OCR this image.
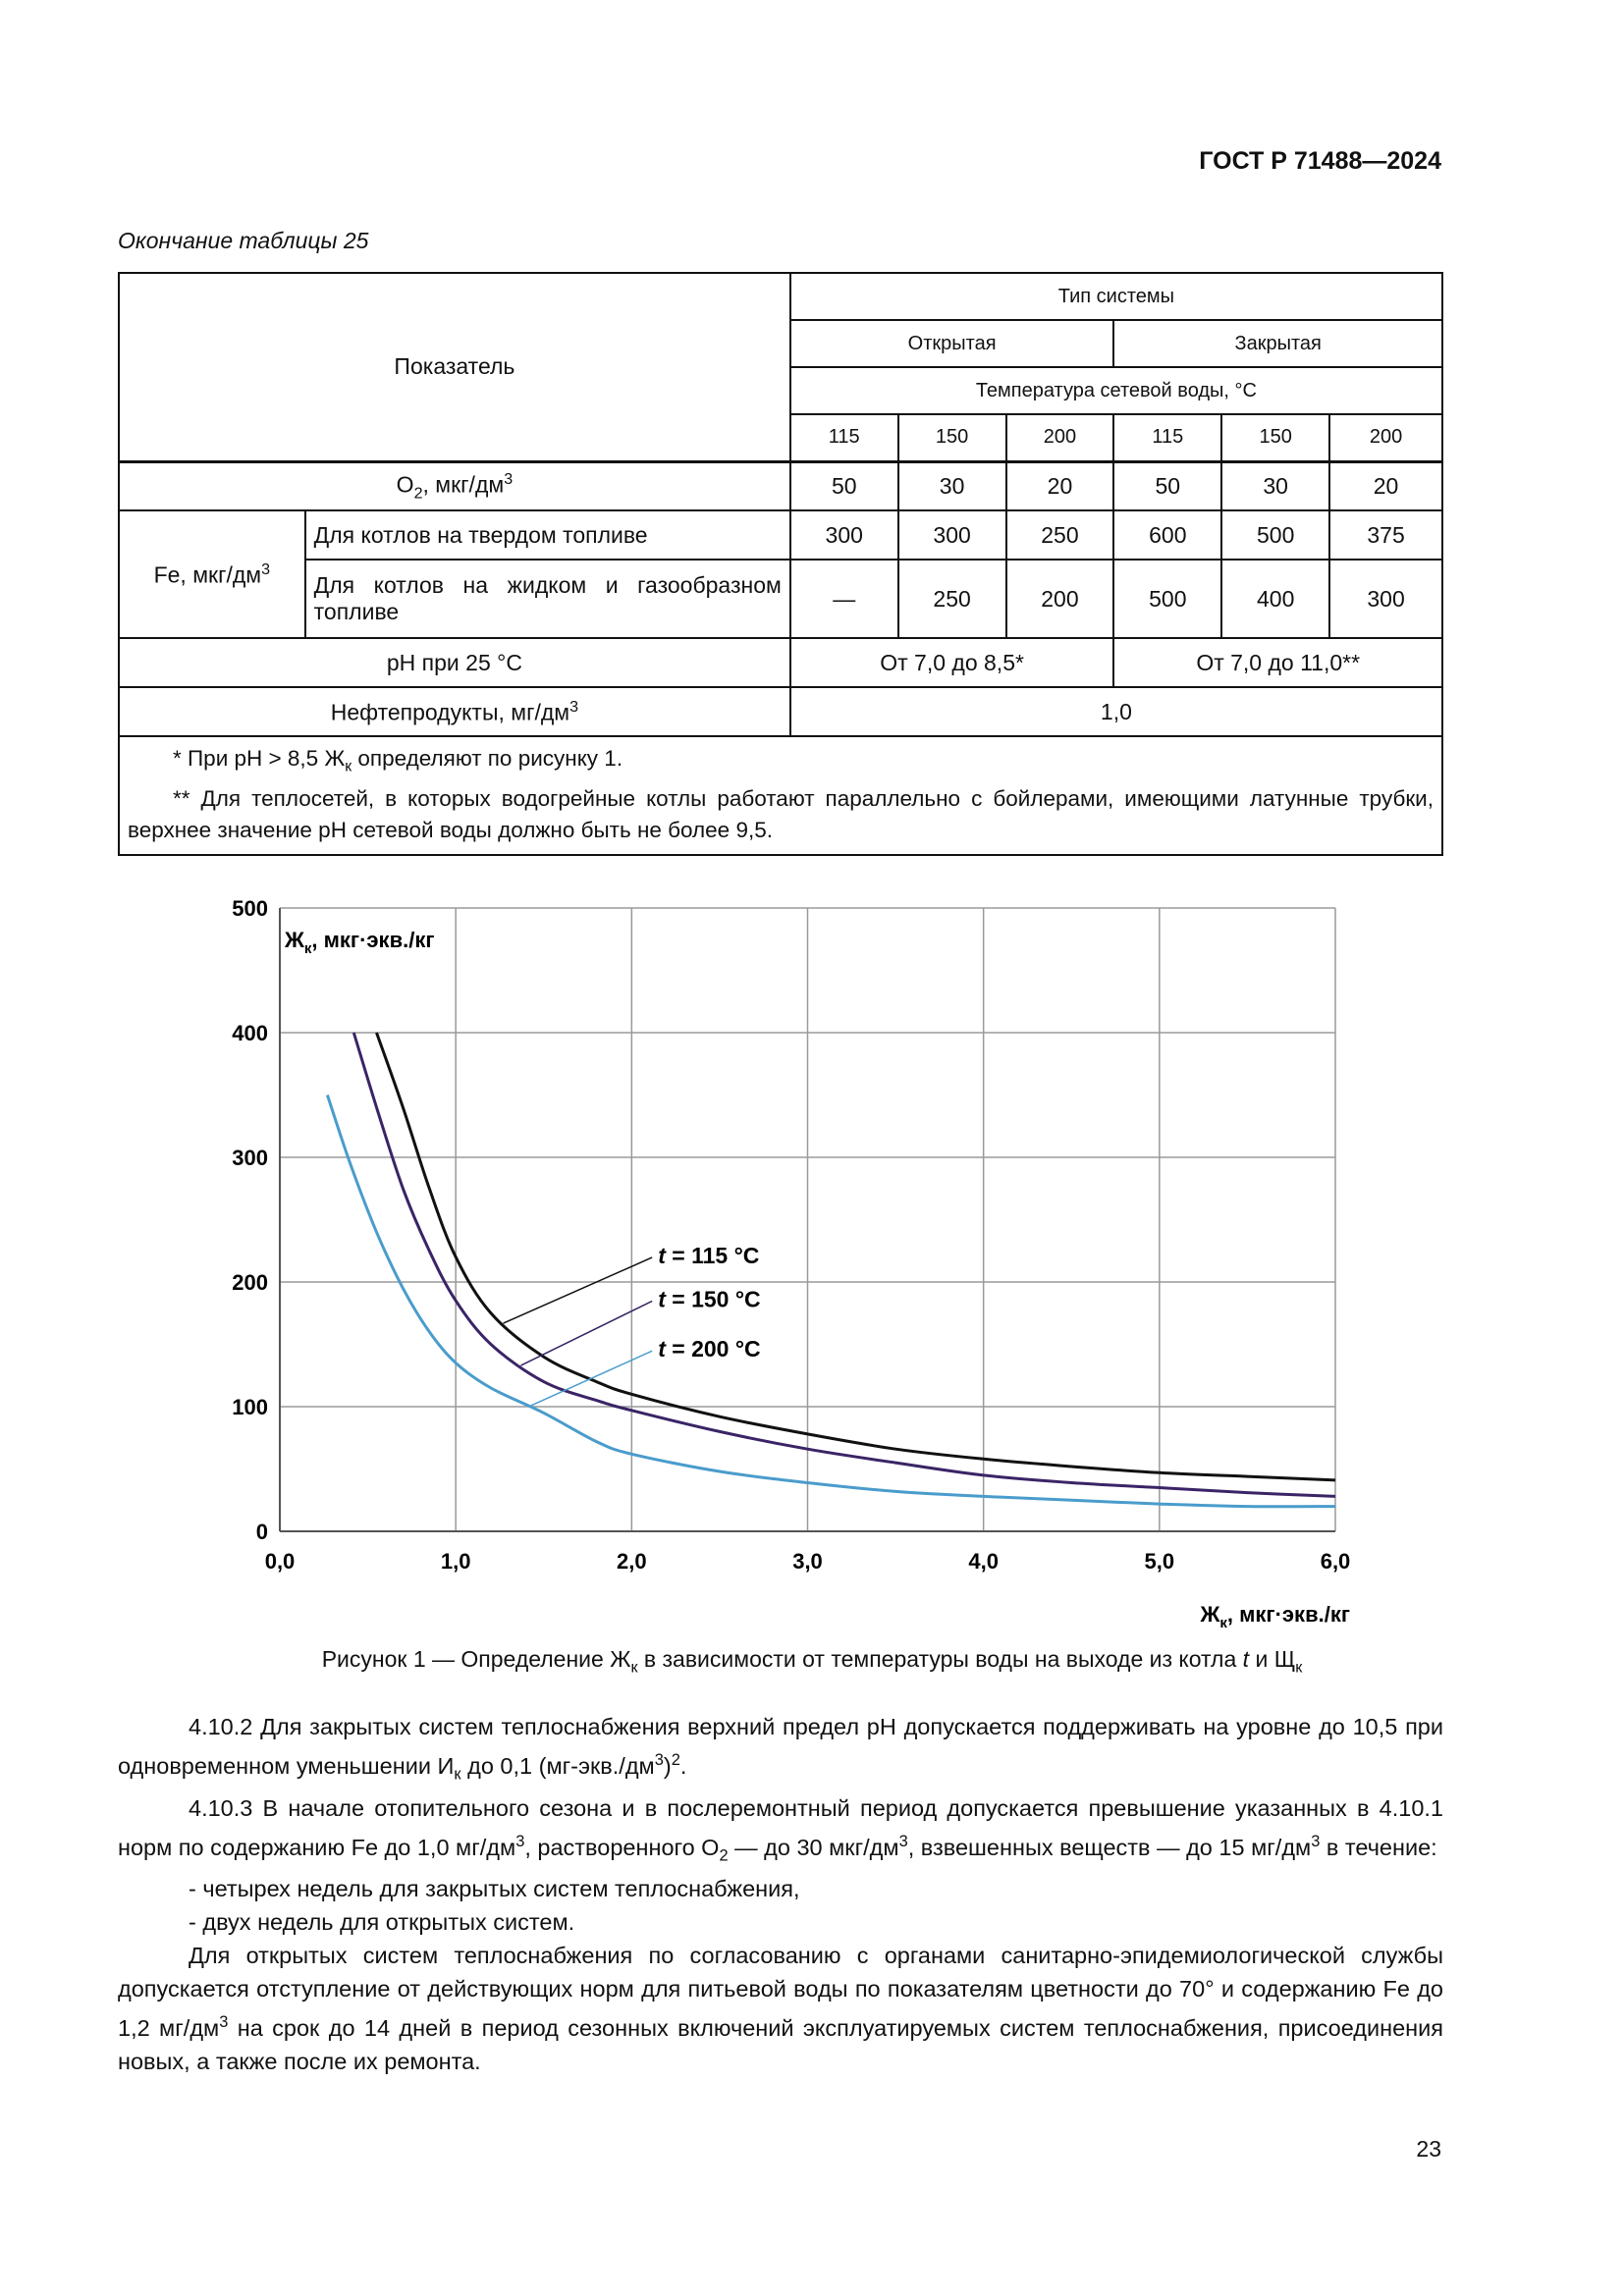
ГОСТ Р 71488—2024
Окончание таблицы 25
Показатель		Тип системы					
		Открытая			Закрытая		
		Температура сетевой воды, °С					
		115	150	200	115	150	200
$O_2$, мкг/$дм^3$		50	30	20	50	30	20
Fe, мкг/$дм^3$	Для котлов на твердом топливе	300	300	250	600	500	375
	Для котлов на жидком и газообразном топливе	—	250	200	500	400	300
pH при 25 °С		От 7,0 до 8,5*			От 7,0 до 11,0**		
Нефтепродукты, $мг/дм^3$		1,0					

* При pH > 8,5 $Ж_к$ определяют по рисунку 1.
** Для теплосетей, в которых водогрейные котлы работают параллельно с бойлерами, имеющими латунные трубки, верхнее значение pH сетевой воды должно быть не более 9,5.							
t = 115 °C
t = 150 °C
t = 200 °C
0,0	1,0	2,0	3,0	4,0	5,0	6,0
0
100
200
300
400
500
$Ж_к$, мкг·экв./кг
$Ж_к$, мкг·экв./кг
Рисунок 1 — Определение $Ж_к$ в зависимости от температуры воды на выходе из котла t и $Щ_к$

4.10.2 Для закрытых систем теплоснабжения верхний предел pH допускается поддерживать на уровне до 10,5 при одновременном уменьшении $И_к$ до 0,1 $(мг-экв./дм^3)^2$.

4.10.3 В начале отопительного сезона и в послеремонтный период допускается превышение указанных в 4.10.1 норм по содержанию Fe до 1,0 $мг/дм^3$, растворенного $O_2$ — до 30 мкг/$дм^3$, взвешенных веществ — до 15 $мг/дм^3$ в течение:

- четырех недель для закрытых систем теплоснабжения,

- двух недель для открытых систем.

Для открытых систем теплоснабжения по согласованию с органами санитарно-эпидемиологической службы допускается отступление от действующих норм для питьевой воды по показателям цветности до 70° и содержанию Fe до 1,2 $мг/дм^3$ на срок до 14 дней в период сезонных включений эксплуатируемых систем теплоснабжения, присоединения новых, а также после их ремонта.

23
